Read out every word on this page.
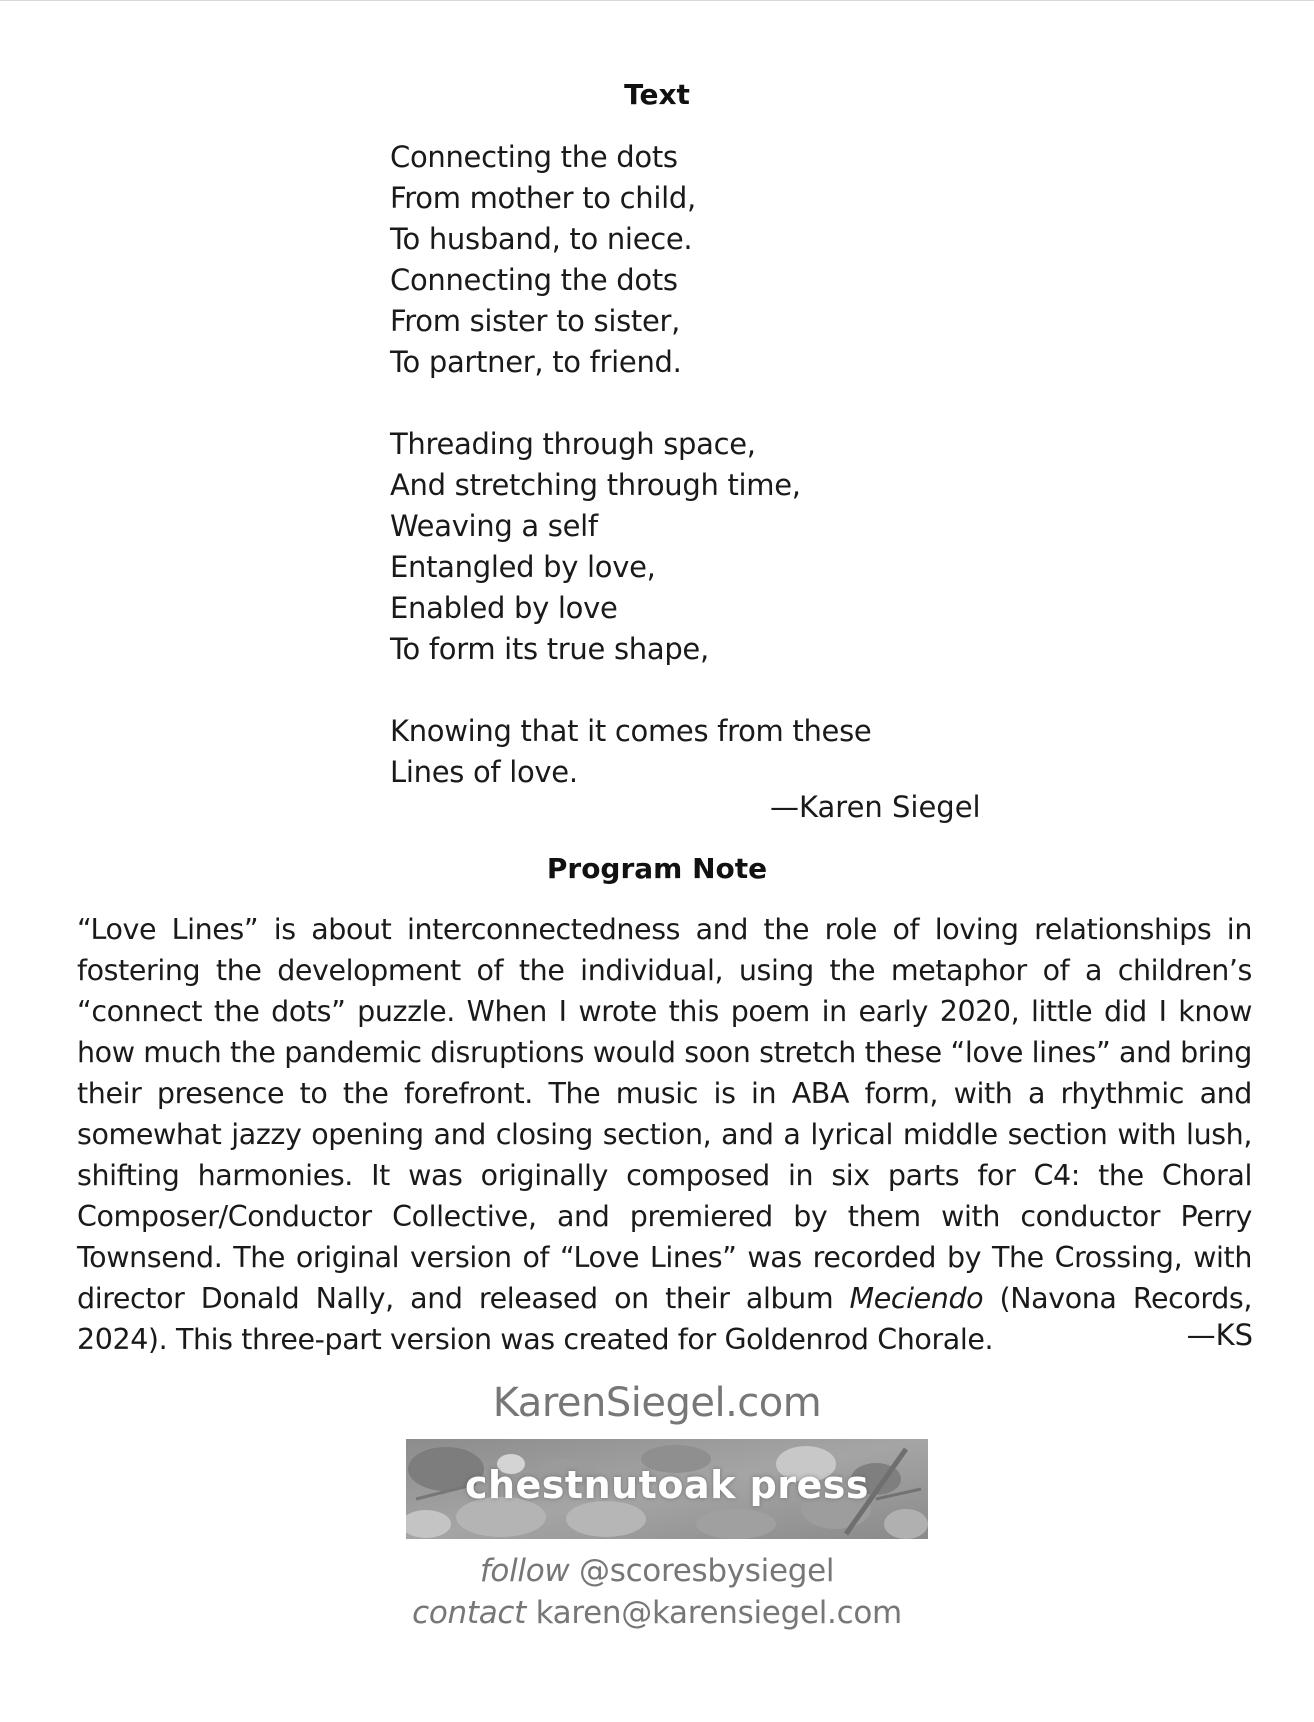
Text
Connecting the dots
From mother to child,
To husband, to niece.
Connecting the dots
From sister to sister,
To partner, to friend.
Threading through space,
And stretching through time,
Weaving a self
Entangled by love,
Enabled by love
To form its true shape,
Knowing that it comes from these
Lines of love.
—Karen Siegel
Program Note
“Love Lines” is about interconnectedness and the role of loving relationships in fostering the development of the individual, using the metaphor of a children’s “connect the dots” puzzle. When I wrote this poem in early 2020, little did I know how much the pandemic disruptions would soon stretch these “love lines” and bring their presence to the forefront. The music is in ABA form, with a rhythmic and somewhat jazzy opening and closing section, and a lyrical middle section with lush, shifting harmonies. It was originally composed in six parts for C4: the Choral Composer/Conductor Collective, and premiered by them with conductor Perry Townsend. The original version of “Love Lines” was recorded by The Crossing, with director Donald Nally, and released on their album Meciendo (Navona Records, 2024). This three-part version was created for Goldenrod Chorale.	—KS
KarenSiegel.com
chestnutoak press
follow @scoresbysiegel
contact karen@karensiegel.com
